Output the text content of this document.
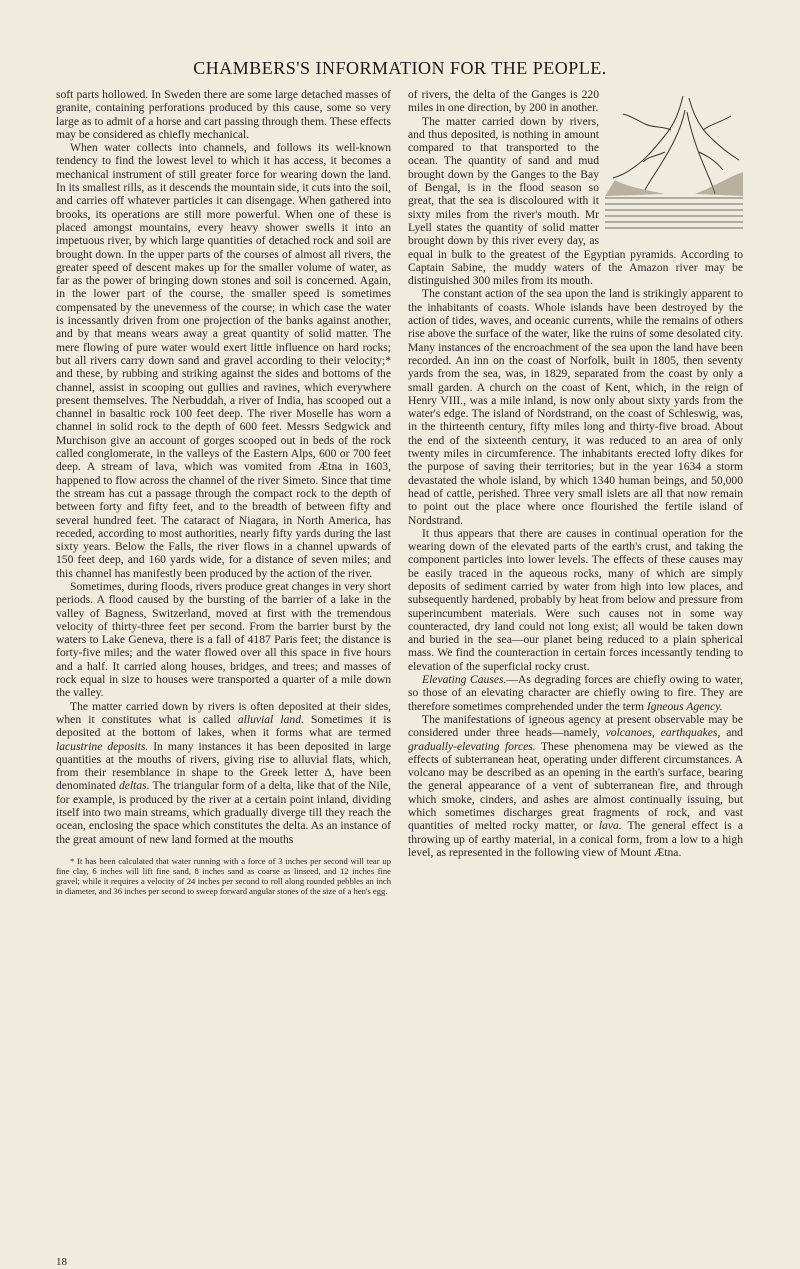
CHAMBERS'S INFORMATION FOR THE PEOPLE.

soft parts hollowed. In Sweden there are some large detached masses of granite, containing perforations produced by this cause, some so very large as to admit of a horse and cart passing through them. These effects may be considered as chiefly mechanical.

When water collects into channels, and follows its well-known tendency to find the lowest level to which it has access, it becomes a mechanical instrument of still greater force for wearing down the land. In its smallest rills, as it descends the mountain side, it cuts into the soil, and carries off whatever particles it can disengage. When gathered into brooks, its operations are still more powerful. When one of these is placed amongst mountains, every heavy shower swells it into an impetuous river, by which large quantities of detached rock and soil are brought down. In the upper parts of the courses of almost all rivers, the greater speed of descent makes up for the smaller volume of water, as far as the power of bringing down stones and soil is concerned. Again, in the lower part of the course, the smaller speed is sometimes compensated by the unevenness of the course; in which case the water is incessantly driven from one projection of the banks against another, and by that means wears away a great quantity of solid matter. The mere flowing of pure water would exert little influence on hard rocks; but all rivers carry down sand and gravel according to their velocity;* and these, by rubbing and striking against the sides and bottoms of the channel, assist in scooping out gullies and ravines, which everywhere present themselves. The Nerbuddah, a river of India, has scooped out a channel in basaltic rock 100 feet deep. The river Moselle has worn a channel in solid rock to the depth of 600 feet. Messrs Sedgwick and Murchison give an account of gorges scooped out in beds of the rock called conglomerate, in the valleys of the Eastern Alps, 600 or 700 feet deep. A stream of lava, which was vomited from Ætna in 1603, happened to flow across the channel of the river Simeto. Since that time the stream has cut a passage through the compact rock to the depth of between forty and fifty feet, and to the breadth of between fifty and several hundred feet. The cataract of Niagara, in North America, has receded, according to most authorities, nearly fifty yards during the last sixty years. Below the Falls, the river flows in a channel upwards of 150 feet deep, and 160 yards wide, for a distance of seven miles; and this channel has manifestly been produced by the action of the river.

Sometimes, during floods, rivers produce great changes in very short periods. A flood caused by the bursting of the barrier of a lake in the valley of Bagness, Switzerland, moved at first with the tremendous velocity of thirty-three feet per second. From the barrier burst by the waters to Lake Geneva, there is a fall of 4187 Paris feet; the distance is forty-five miles; and the water flowed over all this space in five hours and a half. It carried along houses, bridges, and trees; and masses of rock equal in size to houses were transported a quarter of a mile down the valley.

The matter carried down by rivers is often deposited at their sides, when it constitutes what is called alluvial land. Sometimes it is deposited at the bottom of lakes, when it forms what are termed lacustrine deposits. In many instances it has been deposited in large quantities at the mouths of rivers, giving rise to alluvial flats, which, from their resemblance in shape to the Greek letter Δ, have been denominated deltas. The triangular form of a delta, like that of the Nile, for example, is produced by the river at a certain point inland, dividing itself into two main streams, which gradually diverge till they reach the ocean, enclosing the space which constitutes the delta. As an instance of the great amount of new land formed at the mouths

* It has been calculated that water running with a force of 3 inches per second will tear up fine clay, 6 inches will lift fine sand, 8 inches sand as coarse as linseed, and 12 inches fine gravel; while it requires a velocity of 24 inches per second to roll along rounded pebbles an inch in diameter, and 36 inches per second to sweep forward angular stones of the size of a hen's egg.

of rivers, the delta of the Ganges is 220 miles in one direction, by 200 in another.

The matter carried down by rivers, and thus deposited, is nothing in amount compared to that transported to the ocean. The quantity of sand and mud brought down by the Ganges to the Bay of Bengal, is in the flood season so great, that the sea is discoloured with it sixty miles from the river's mouth. Mr Lyell states the quantity of solid matter brought down by this river every day, as equal in bulk to the greatest of the Egyptian pyramids. According to Captain Sabine, the muddy waters of the Amazon river may be distinguished 300 miles from its mouth.

The constant action of the sea upon the land is strikingly apparent to the inhabitants of coasts. Whole islands have been destroyed by the action of tides, waves, and oceanic currents, while the remains of others rise above the surface of the water, like the ruins of some desolated city. Many instances of the encroachment of the sea upon the land have been recorded. An inn on the coast of Norfolk, built in 1805, then seventy yards from the sea, was, in 1829, separated from the coast by only a small garden. A church on the coast of Kent, which, in the reign of Henry VIII., was a mile inland, is now only about sixty yards from the water's edge. The island of Nordstrand, on the coast of Schleswig, was, in the thirteenth century, fifty miles long and thirty-five broad. About the end of the sixteenth century, it was reduced to an area of only twenty miles in circumference. The inhabitants erected lofty dikes for the purpose of saving their territories; but in the year 1634 a storm devastated the whole island, by which 1340 human beings, and 50,000 head of cattle, perished. Three very small islets are all that now remain to point out the place where once flourished the fertile island of Nordstrand.

It thus appears that there are causes in continual operation for the wearing down of the elevated parts of the earth's crust, and taking the component particles into lower levels. The effects of these causes may be easily traced in the aqueous rocks, many of which are simply deposits of sediment carried by water from high into low places, and subsequently hardened, probably by heat from below and pressure from superincumbent materials. Were such causes not in some way counteracted, dry land could not long exist; all would be taken down and buried in the sea—our planet being reduced to a plain spherical mass. We find the counteraction in certain forces incessantly tending to elevation of the superficial rocky crust.

Elevating Causes.—As degrading forces are chiefly owing to water, so those of an elevating character are chiefly owing to fire. They are therefore sometimes comprehended under the term Igneous Agency.

The manifestations of igneous agency at present observable may be considered under three heads—namely, volcanoes, earthquakes, and gradually-elevating forces. These phenomena may be viewed as the effects of subterranean heat, operating under different circumstances. A volcano may be described as an opening in the earth's surface, bearing the general appearance of a vent of subterranean fire, and through which smoke, cinders, and ashes are almost continually issuing, but which sometimes discharges great fragments of rock, and vast quantities of melted rocky matter, or lava. The general effect is a throwing up of earthy material, in a conical form, from a low to a high level, as represented in the following view of Mount Ætna.

18
